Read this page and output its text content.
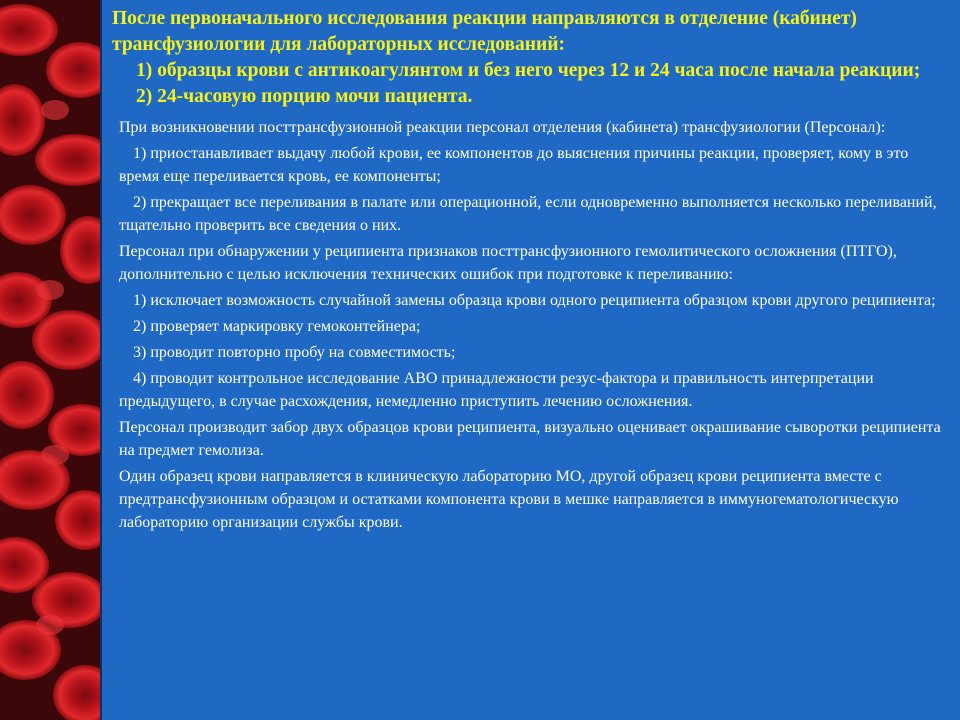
После первоначального исследования реакции направляются в отделение (кабинет) трансфузиологии для лабораторных исследований:
1) образцы крови с антикоагулянтом и без него через 12 и 24 часа после начала реакции;
2) 24-часовую порцию мочи пациента.

При возникновении посттрансфузионной реакции персонал отделения (кабинета) трансфузиологии (Персонал):

1) приостанавливает выдачу любой крови, ее компонентов до выяснения причины реакции, проверяет, кому в это время еще переливается кровь, ее компоненты;

2) прекращает все переливания в палате или операционной, если одновременно выполняется несколько переливаний, тщательно проверить все сведения о них.

Персонал при обнаружении у реципиента признаков посттрансфузионного гемолитического осложнения (ПТГО), дополнительно с целью исключения технических ошибок при подготовке к переливанию:

1) исключает возможность случайной замены образца крови одного реципиента образцом крови другого реципиента;

2) проверяет маркировку гемоконтейнера;

3) проводит повторно пробу на совместимость;

4) проводит контрольное исследование АВО принадлежности резус-фактора и правильность интерпретации предыдущего, в случае расхождения, немедленно приступить лечению осложнения.

Персонал производит забор двух образцов крови реципиента, визуально оценивает окрашивание сыворотки реципиента на предмет гемолиза.

Один образец крови направляется в клиническую лабораторию МО, другой образец крови реципиента вместе с предтрансфузионным образцом и остатками компонента крови в мешке направляется в иммуногематологическую лабораторию организации службы крови.
